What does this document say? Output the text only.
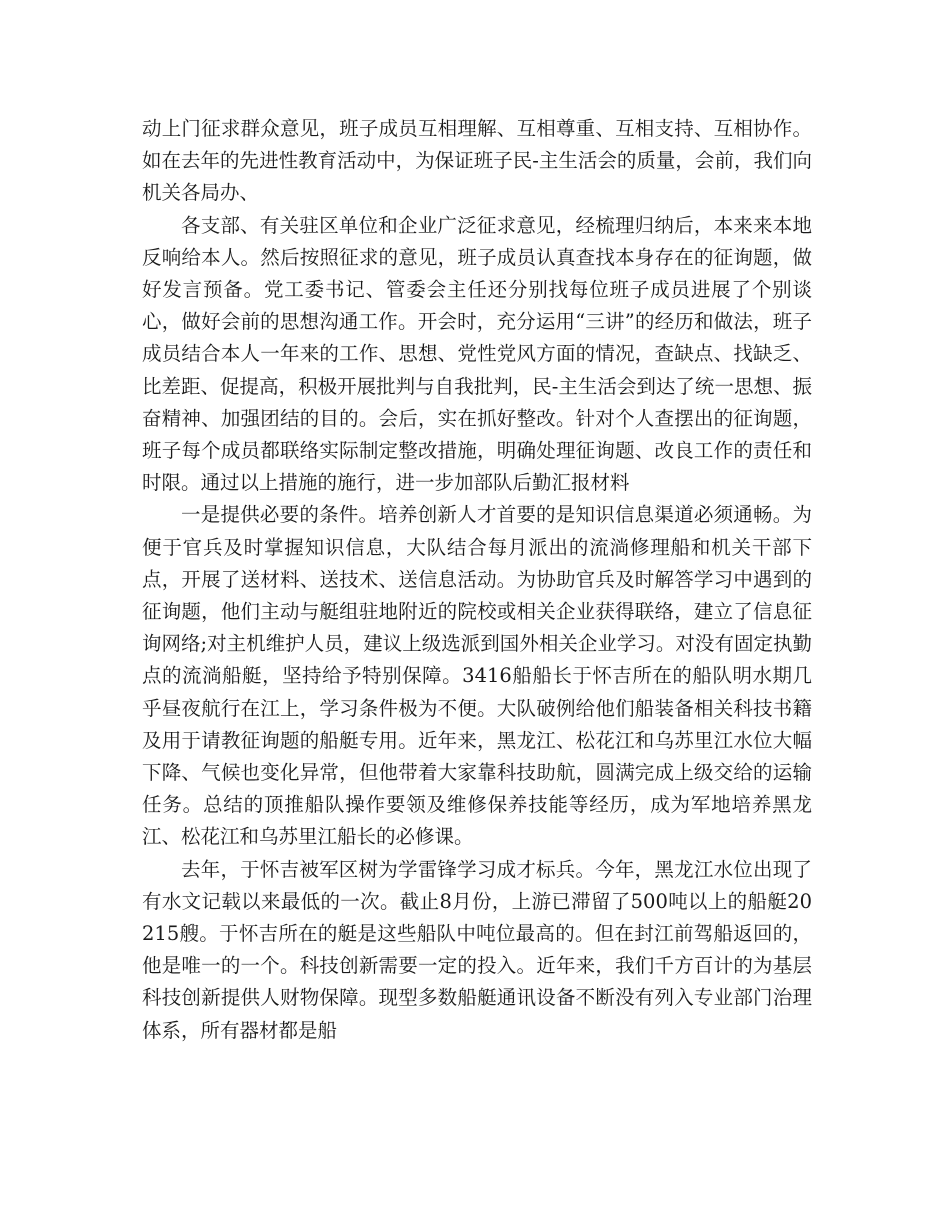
动上门征求群众意见，班子成员互相理解、互相尊重、互相支持、互相协作。如在去年的先进性教育活动中，为保证班子民-主生活会的质量，会前，我们向机关各局办、

各支部、有关驻区单位和企业广泛征求意见，经梳理归纳后，本来来本地反响给本人。然后按照征求的意见，班子成员认真查找本身存在的征询题，做好发言预备。党工委书记、管委会主任还分别找每位班子成员进展了个别谈心，做好会前的思想沟通工作。开会时，充分运用“三讲”的经历和做法，班子成员结合本人一年来的工作、思想、党性党风方面的情况，查缺点、找缺乏、比差距、促提高，积极开展批判与自我批判，民-主生活会到达了统一思想、振奋精神、加强团结的目的。会后，实在抓好整改。针对个人查摆出的征询题，班子每个成员都联络实际制定整改措施，明确处理征询题、改良工作的责任和时限。通过以上措施的施行，进一步加部队后勤汇报材料

一是提供必要的条件。培养创新人才首要的是知识信息渠道必须通畅。为便于官兵及时掌握知识信息，大队结合每月派出的流淌修理船和机关干部下点，开展了送材料、送技术、送信息活动。为协助官兵及时解答学习中遇到的征询题，他们主动与艇组驻地附近的院校或相关企业获得联络，建立了信息征询网络;对主机维护人员，建议上级选派到国外相关企业学习。对没有固定执勤点的流淌船艇，坚持给予特别保障。3416船船长于怀吉所在的船队明水期几乎昼夜航行在江上，学习条件极为不便。大队破例给他们船装备相关科技书籍及用于请教征询题的船艇专用。近年来，黑龙江、松花江和乌苏里江水位大幅下降、气候也变化异常，但他带着大家靠科技助航，圆满完成上级交给的运输任务。总结的顶推船队操作要领及维修保养技能等经历，成为军地培养黑龙江、松花江和乌苏里江船长的必修课。

去年，于怀吉被军区树为学雷锋学习成才标兵。今年，黑龙江水位出现了有水文记载以来最低的一次。截止8月份，上游已滞留了500吨以上的船艇20215艘。于怀吉所在的艇是这些船队中吨位最高的。但在封江前驾船返回的，他是唯一的一个。科技创新需要一定的投入。近年来，我们千方百计的为基层科技创新提供人财物保障。现型多数船艇通讯设备不断没有列入专业部门治理体系，所有器材都是船
